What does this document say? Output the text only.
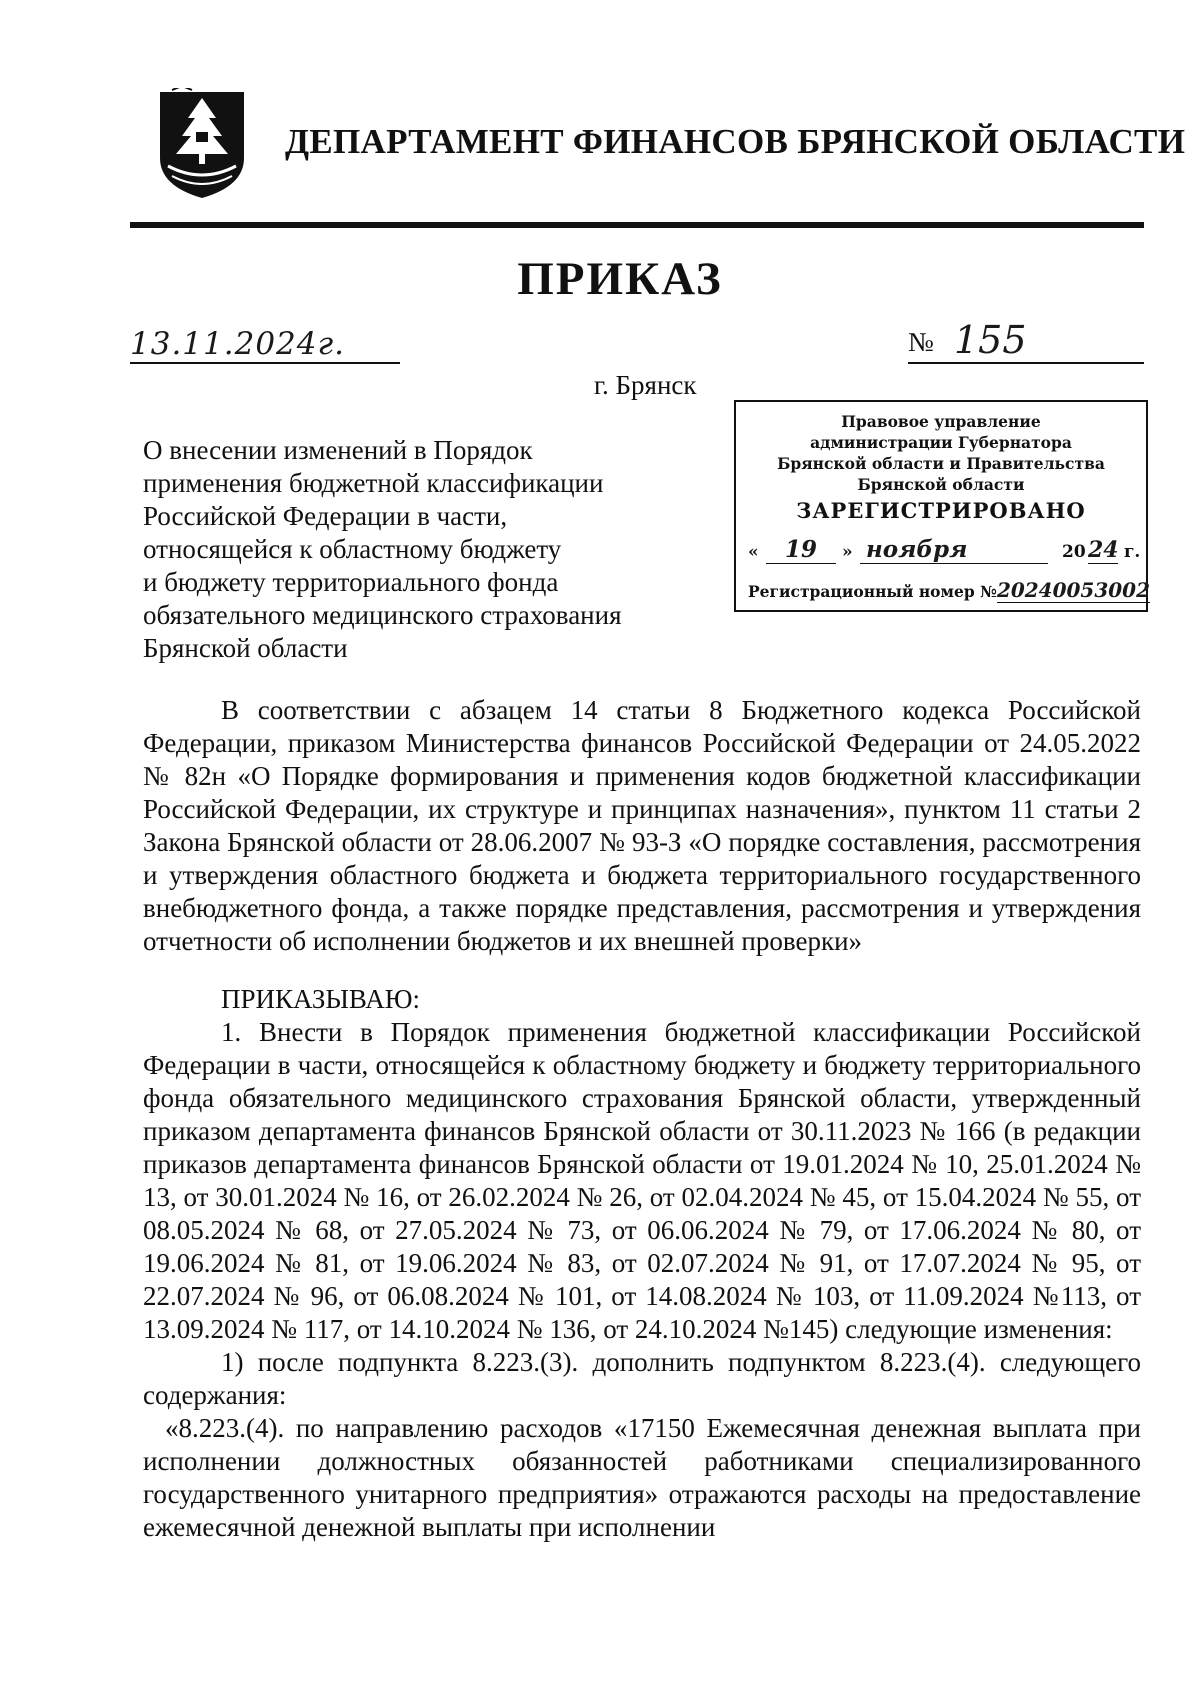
ДЕПАРТАМЕНТ ФИНАНСОВ БРЯНСКОЙ ОБЛАСТИ
ПРИКАЗ
13.11.2024г.	№ 155
г. Брянск
Правовое управление
администрации Губернатора
Брянской области и Правительства
Брянской области
ЗАРЕГИСТРИРОВАНО
«	19	» ноября	20 24 г.
Регистрационный номер №20240053002
О внесении изменений в Порядок
применения бюджетной классификации
Российской Федерации в части,
относящейся к областному бюджету
и бюджету территориального фонда
обязательного медицинского страхования
Брянской области
В соответствии с абзацем 14 статьи 8 Бюджетного кодекса Российской Федерации, приказом Министерства финансов Российской Федерации от 24.05.2022 № 82н «О Порядке формирования и применения кодов бюджетной классификации Российской Федерации, их структуре и принципах назначения», пунктом 11 статьи 2 Закона Брянской области от 28.06.2007 № 93-З «О порядке составления, рассмотрения и утверждения областного бюджета и бюджета территориального государственного внебюджетного фонда, а также порядке представления, рассмотрения и утверждения отчетности об исполнении бюджетов и их внешней проверки»
ПРИКАЗЫВАЮ:
1. Внести в Порядок применения бюджетной классификации Российской Федерации в части, относящейся к областному бюджету и бюджету территориального фонда обязательного медицинского страхования Брянской области, утвержденный приказом департамента финансов Брянской области от 30.11.2023 № 166 (в редакции приказов департамента финансов Брянской области от 19.01.2024 № 10, 25.01.2024 № 13, от 30.01.2024 № 16, от 26.02.2024 № 26, от 02.04.2024 № 45, от 15.04.2024 № 55, от 08.05.2024 № 68, от 27.05.2024 № 73, от 06.06.2024 № 79, от 17.06.2024 № 80, от 19.06.2024 № 81, от 19.06.2024 № 83, от 02.07.2024 № 91, от 17.07.2024 № 95, от 22.07.2024 № 96, от 06.08.2024 № 101, от 14.08.2024 № 103, от 11.09.2024 №113, от 13.09.2024 № 117, от 14.10.2024 № 136, от 24.10.2024 №145) следующие изменения:
1) после подпункта 8.223.(3). дополнить подпунктом 8.223.(4). следующего содержания:
«8.223.(4). по направлению расходов «17150 Ежемесячная денежная выплата при исполнении должностных обязанностей работниками специализированного государственного унитарного предприятия» отражаются расходы на предоставление ежемесячной денежной выплаты при исполнении
